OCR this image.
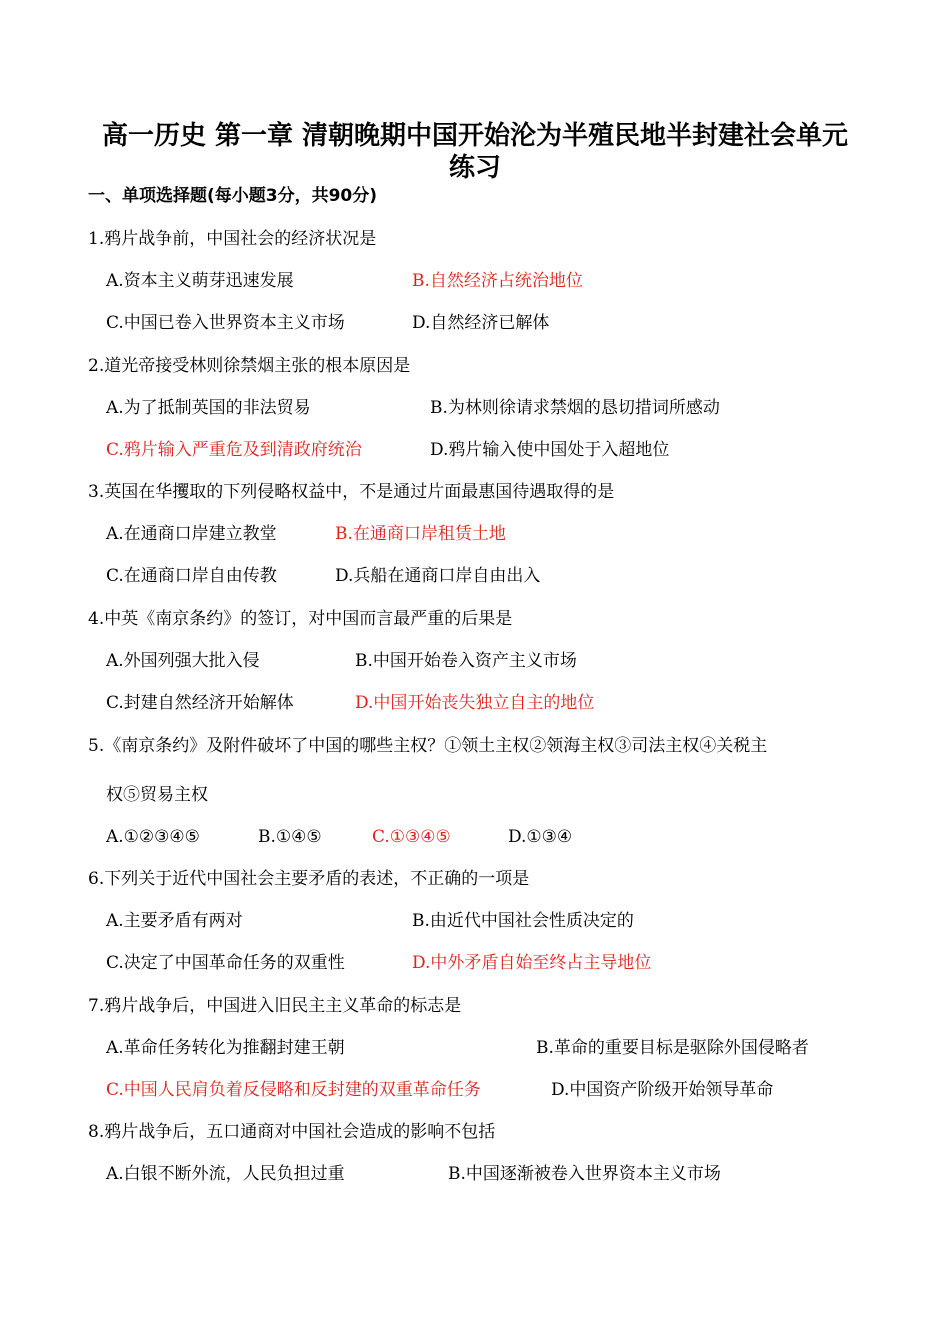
高一历史 第一章 清朝晚期中国开始沦为半殖民地半封建社会单元
练习
一、单项选择题(每小题3分，共90分)
1.鸦片战争前，中国社会的经济状况是
A.资本主义萌芽迅速发展	B.自然经济占统治地位
C.中国已卷入世界资本主义市场	D.自然经济已解体
2.道光帝接受林则徐禁烟主张的根本原因是
A.为了抵制英国的非法贸易	B.为林则徐请求禁烟的恳切措词所感动
C.鸦片输入严重危及到清政府统治	D.鸦片输入使中国处于入超地位
3.英国在华攫取的下列侵略权益中，不是通过片面最惠国待遇取得的是
A.在通商口岸建立教堂	B.在通商口岸租赁土地
C.在通商口岸自由传教	D.兵船在通商口岸自由出入
4.中英《南京条约》的签订，对中国而言最严重的后果是
A.外国列强大批入侵	B.中国开始卷入资产主义市场
C.封建自然经济开始解体	D.中国开始丧失独立自主的地位
5.《南京条约》及附件破坏了中国的哪些主权？①领土主权②领海主权③司法主权④关税主
权⑤贸易主权
A.①②③④⑤	B.①④⑤	C.①③④⑤	D.①③④
6.下列关于近代中国社会主要矛盾的表述，不正确的一项是
A.主要矛盾有两对	B.由近代中国社会性质决定的
C.决定了中国革命任务的双重性	D.中外矛盾自始至终占主导地位
7.鸦片战争后，中国进入旧民主主义革命的标志是
A.革命任务转化为推翻封建王朝	B.革命的重要目标是驱除外国侵略者
C.中国人民肩负着反侵略和反封建的双重革命任务	D.中国资产阶级开始领导革命
8.鸦片战争后，五口通商对中国社会造成的影响不包括
A.白银不断外流，人民负担过重	B.中国逐渐被卷入世界资本主义市场
